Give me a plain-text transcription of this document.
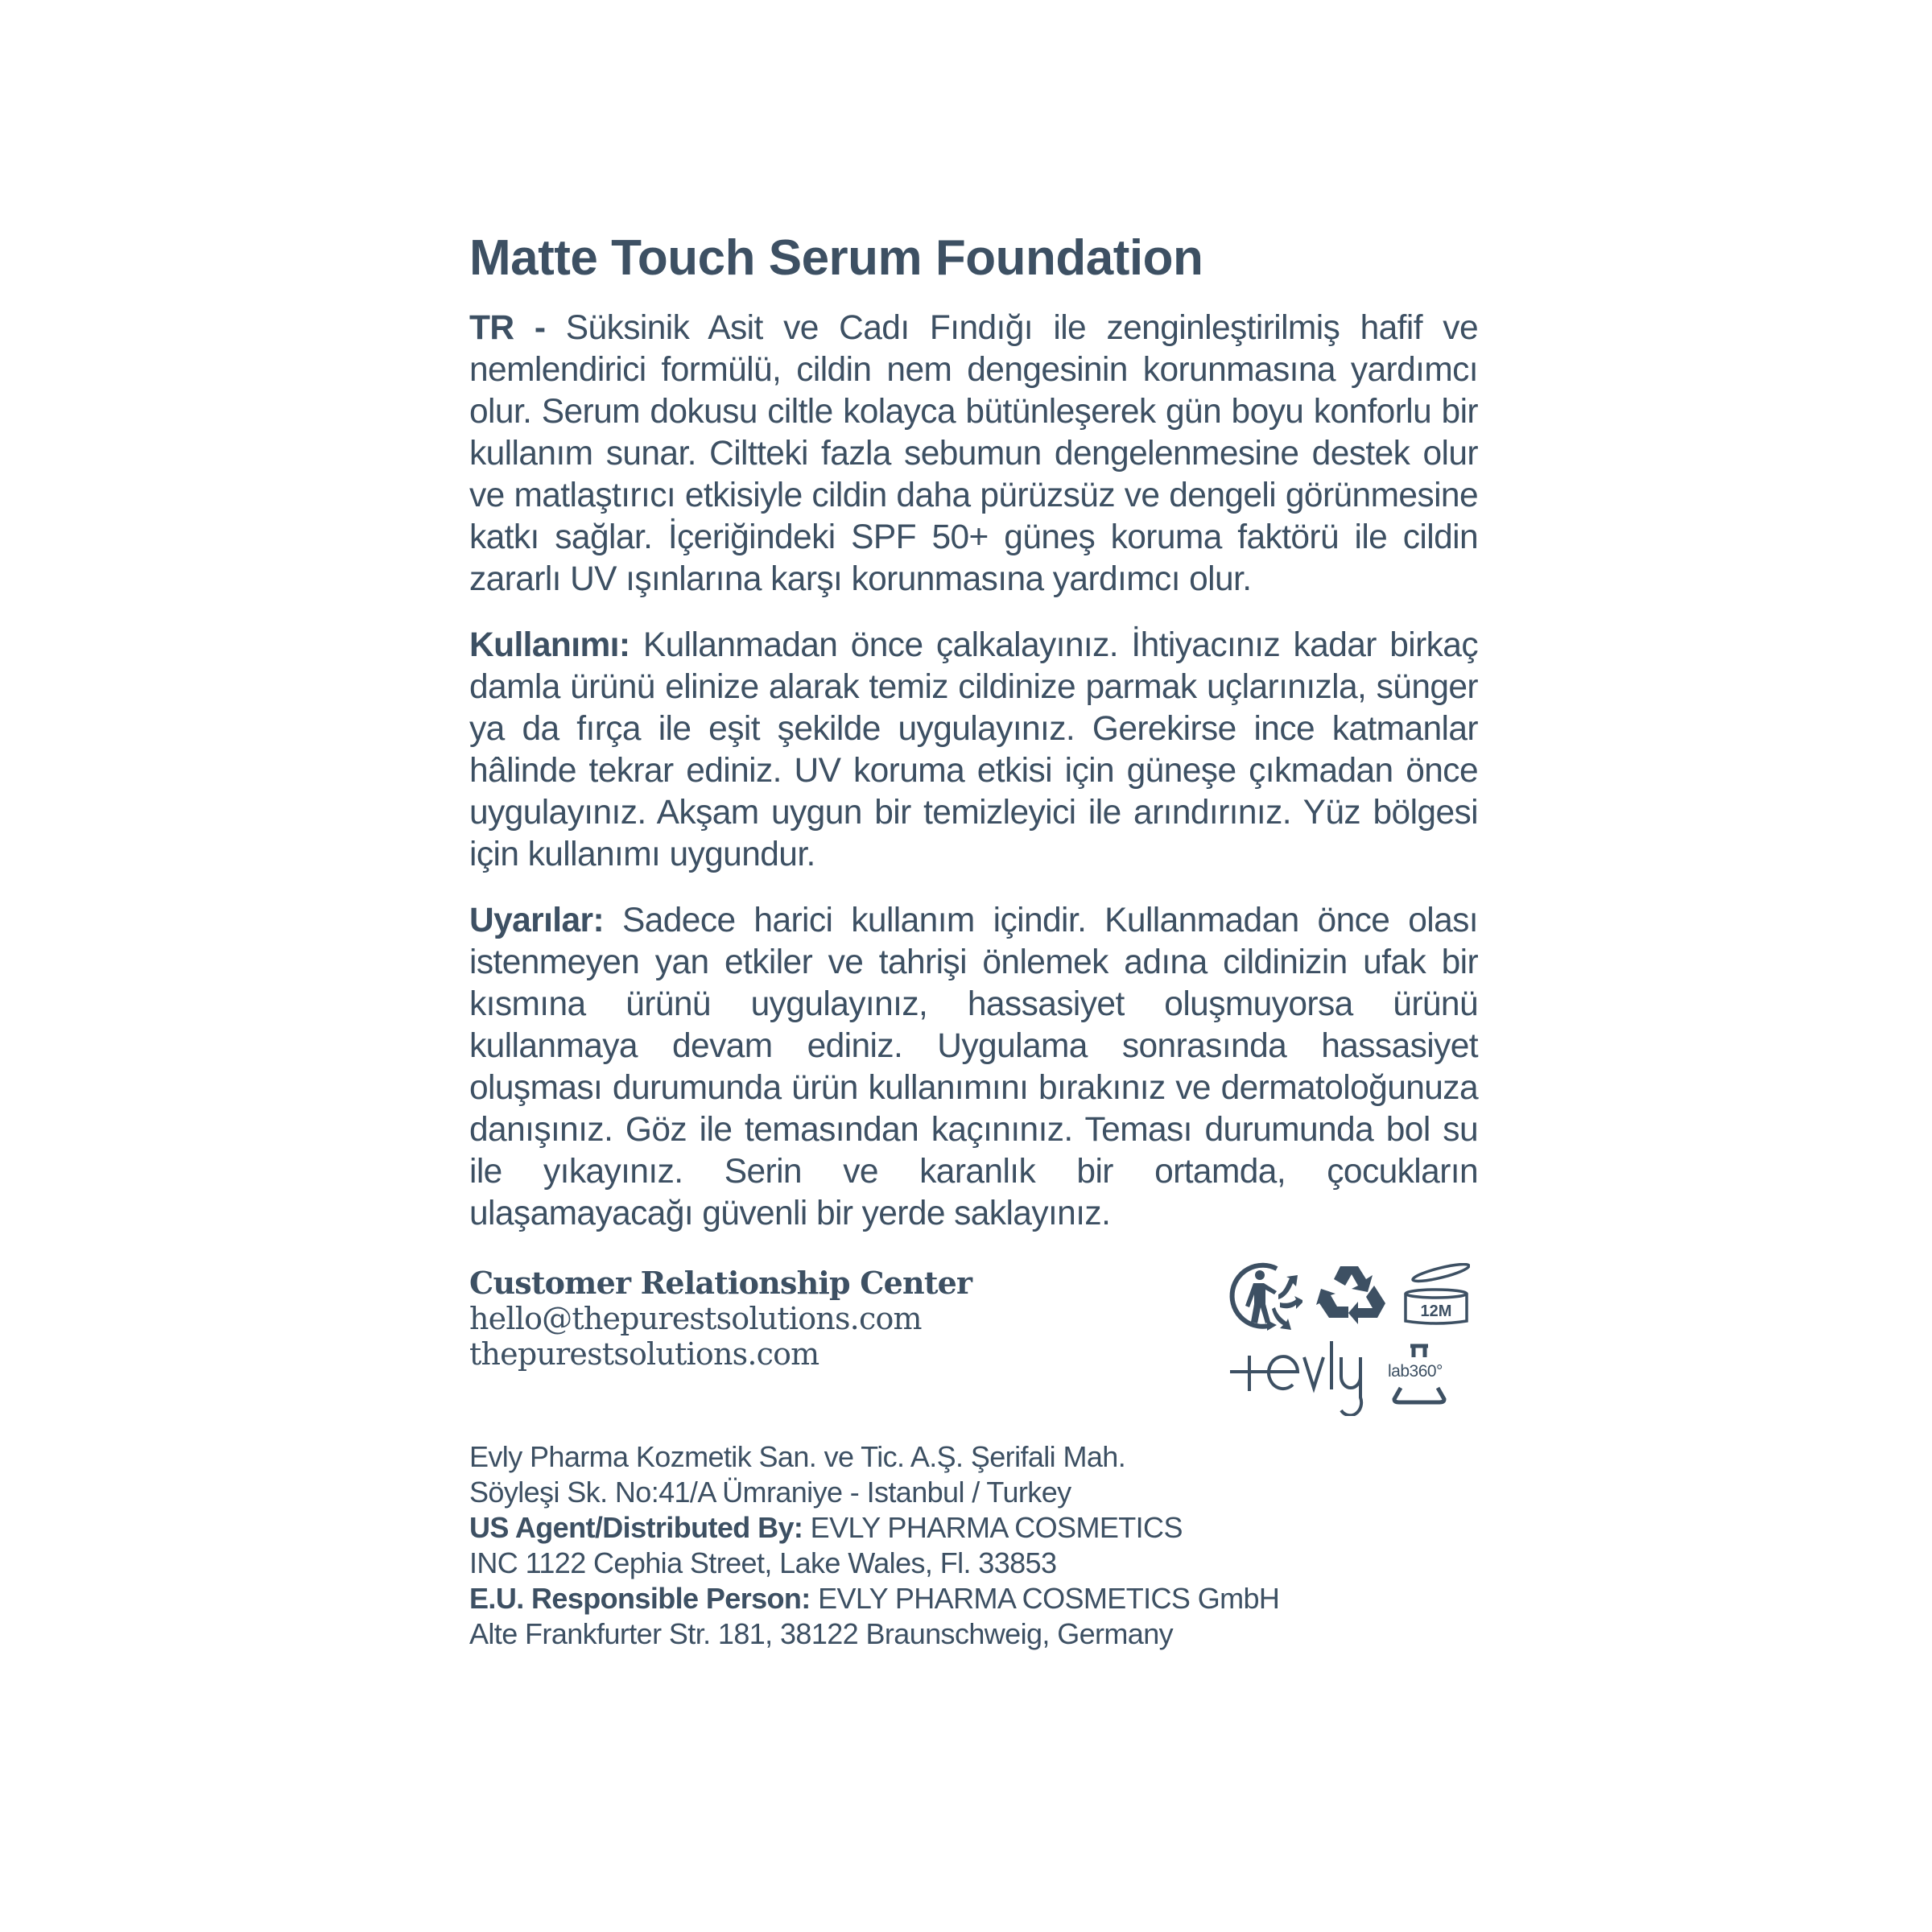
Matte Touch Serum Foundation

TR - Süksinik Asit ve Cadı Fındığı ile zenginleştirilmiş hafif ve nemlendirici formülü, cildin nem dengesinin korunmasına yardımcı olur. Serum dokusu ciltle kolayca bütünleşerek gün boyu konforlu bir kullanım sunar. Ciltteki fazla sebumun dengelenmesine destek olur ve matlaştırıcı etkisiyle cildin daha pürüzsüz ve dengeli görünmesine katkı sağlar. İçeriğindeki SPF 50+ güneş koruma faktörü ile cildin zararlı UV ışınlarına karşı korunmasına yardımcı olur.

Kullanımı: Kullanmadan önce çalkalayınız. İhtiyacınız kadar birkaç damla ürünü elinize alarak temiz cildinize parmak uçlarınızla, sünger ya da fırça ile eşit şekilde uygulayınız. Gerekirse ince katmanlar hâlinde tekrar ediniz. UV koruma etkisi için güneşe çıkmadan önce uygulayınız. Akşam uygun bir temizleyici ile arındırınız. Yüz bölgesi için kullanımı uygundur.

Uyarılar: Sadece harici kullanım içindir. Kullanmadan önce olası istenmeyen yan etkiler ve tahrişi önlemek adına cildinizin ufak bir kısmına ürünü uygulayınız, hassasiyet oluşmuyorsa ürünü kullanmaya devam ediniz. Uygulama sonrasında hassasiyet oluşması durumunda ürün kullanımını bırakınız ve dermatoloğunuza danışınız. Göz ile temasından kaçınınız. Teması durumunda bol su ile yıkayınız. Serin ve karanlık bir ortamda, çocukların ulaşamayacağı güvenli bir yerde saklayınız.

Customer Relationship Center
hello@thepurestsolutions.com
thepurestsolutions.com
12M
lab360°
Evly Pharma Kozmetik San. ve Tic. A.Ş. Şerifali Mah.
Söyleşi Sk. No:41/A Ümraniye - Istanbul / Turkey
US Agent/Distributed By: EVLY PHARMA COSMETICS
INC 1122 Cephia Street, Lake Wales, Fl. 33853
E.U. Responsible Person: EVLY PHARMA COSMETICS GmbH
Alte Frankfurter Str. 181, 38122 Braunschweig, Germany
